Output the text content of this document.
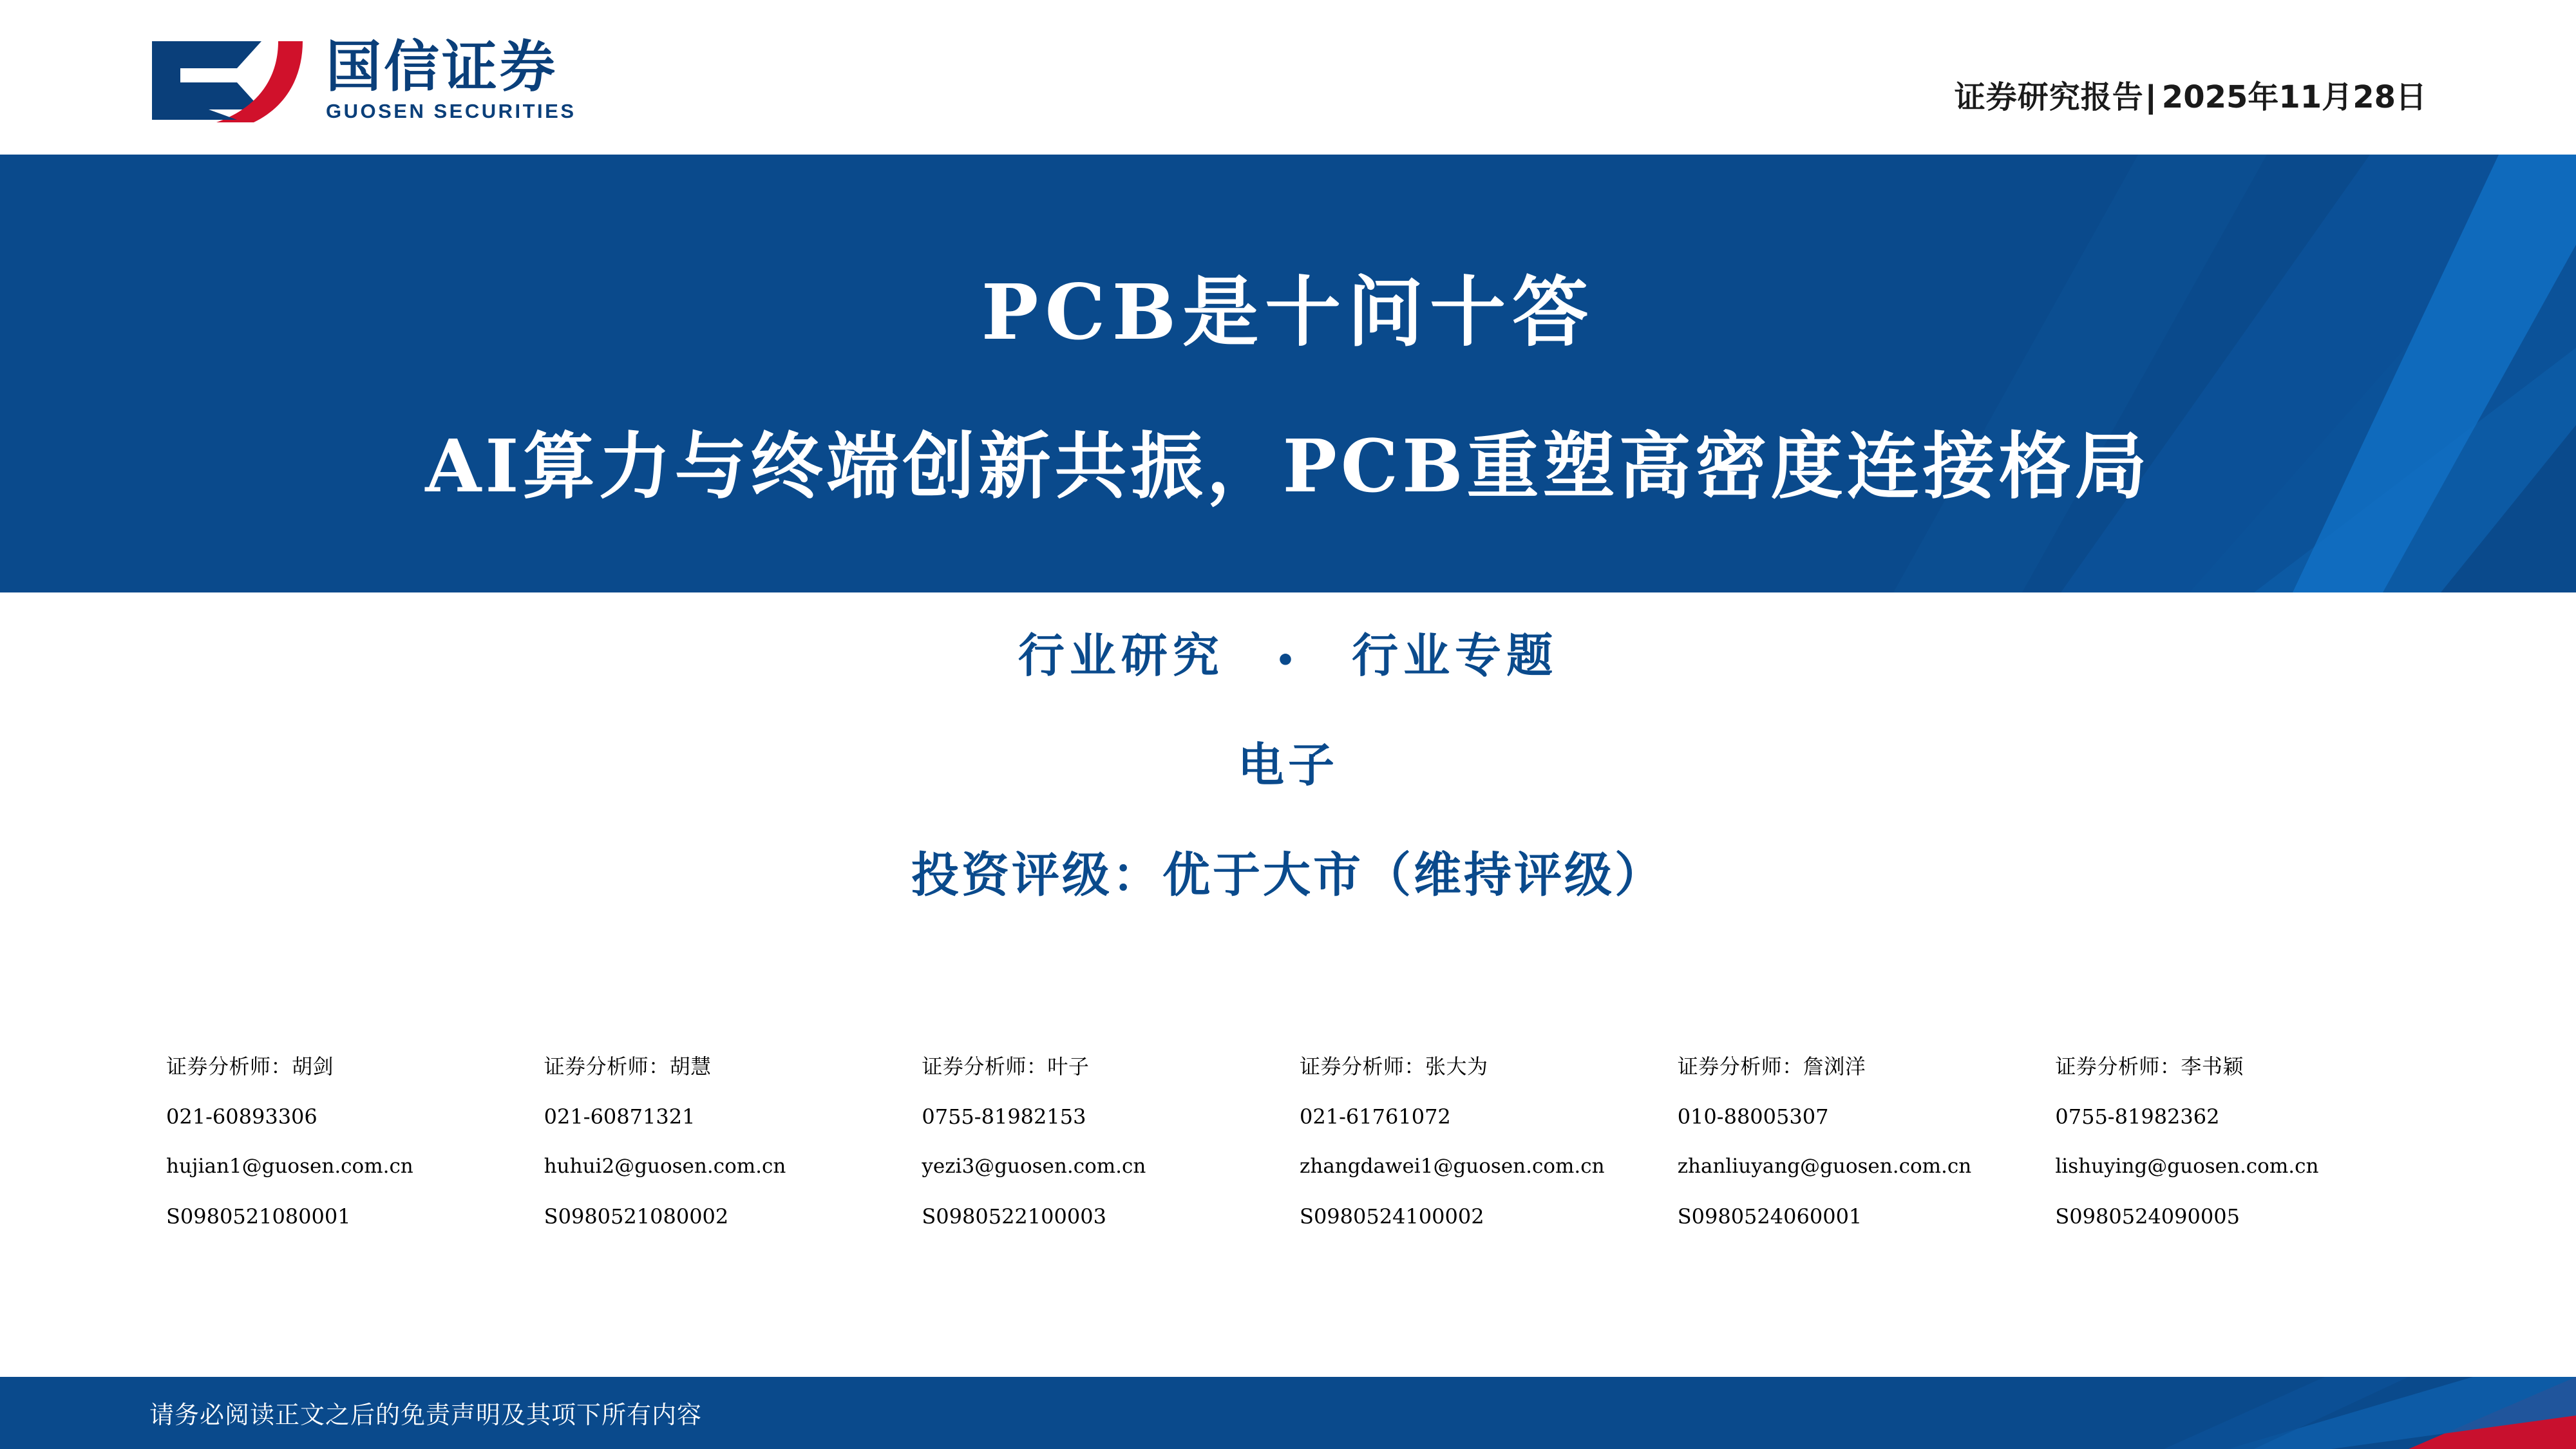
国信证券
GUOSEN SECURITIES	证券研究报告 | 2025年11月28日
PCB是十问十答
AI算力与终端创新共振，PCB重塑高密度连接格局
行业研究 • 行业专题
电子
投资评级：优于大市（维持评级）
证券分析师：胡剑
021-60893306
hujian1@guosen.com.cn
S0980521080001
证券分析师：胡慧
021-60871321
huhui2@guosen.com.cn
S0980521080002
证券分析师：叶子
0755-81982153
yezi3@guosen.com.cn
S0980522100003
证券分析师：张大为
021-61761072
zhangdawei1@guosen.com.cn
S0980524100002
证券分析师：詹浏洋
010-88005307
zhanliuyang@guosen.com.cn
S0980524060001
证券分析师：李书颖
0755-81982362
lishuying@guosen.com.cn
S0980524090005
请务必阅读正文之后的免责声明及其项下所有内容
